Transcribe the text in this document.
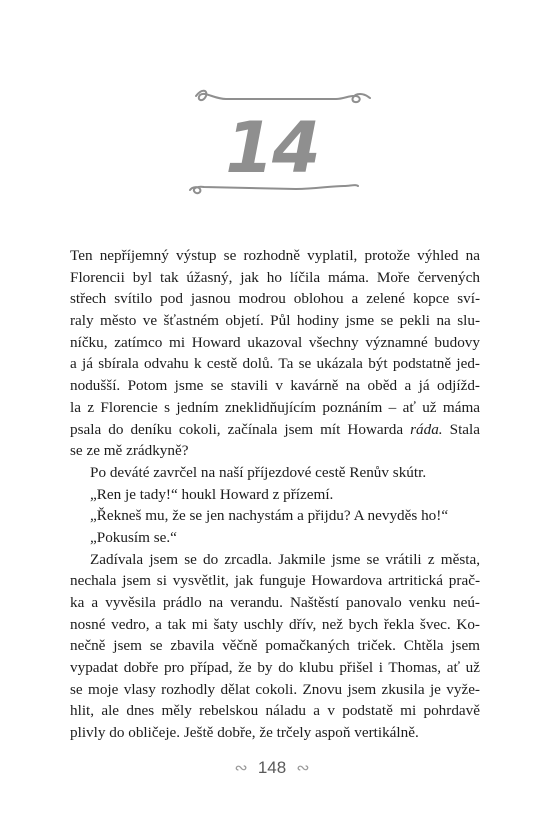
14
Ten nepříjemný výstup se rozhodně vyplatil, protože výhled na
Florencii byl tak úžasný, jak ho líčila máma. Moře červených
střech svítilo pod jasnou modrou oblohou a zelené kopce sví-
raly město ve šťastném objetí. Půl hodiny jsme se pekli na slu-
níčku, zatímco mi Howard ukazoval všechny významné budovy
a já sbírala odvahu k cestě dolů. Ta se ukázala být podstatně jed-
nodušší. Potom jsme se stavili v kavárně na oběd a já odjížd-
la z Florencie s jedním zneklidňujícím poznáním – ať už máma
psala do deníku cokoli, začínala jsem mít Howarda ráda. Stala
se ze mě zrádkyně?
Po deváté zavrčel na naší příjezdové cestě Renův skútr.
„Ren je tady!“ houkl Howard z přízemí.
„Řekneš mu, že se jen nachystám a přijdu? A nevyděs ho!“
„Pokusím se.“
Zadívala jsem se do zrcadla. Jakmile jsme se vrátili z města,
nechala jsem si vysvětlit, jak funguje Howardova artritická prač-
ka a vyvěsila prádlo na verandu. Naštěstí panovalo venku neú-
nosné vedro, a tak mi šaty uschly dřív, než bych řekla švec. Ko-
nečně jsem se zbavila věčně pomačkaných triček. Chtěla jsem
vypadat dobře pro případ, že by do klubu přišel i Thomas, ať už
se moje vlasy rozhodly dělat cokoli. Znovu jsem zkusila je vyže-
hlit, ale dnes měly rebelskou náladu a v podstatě mi pohrdavě
plivly do obličeje. Ještě dobře, že trčely aspoň vertikálně.
∾ 148 ∾
